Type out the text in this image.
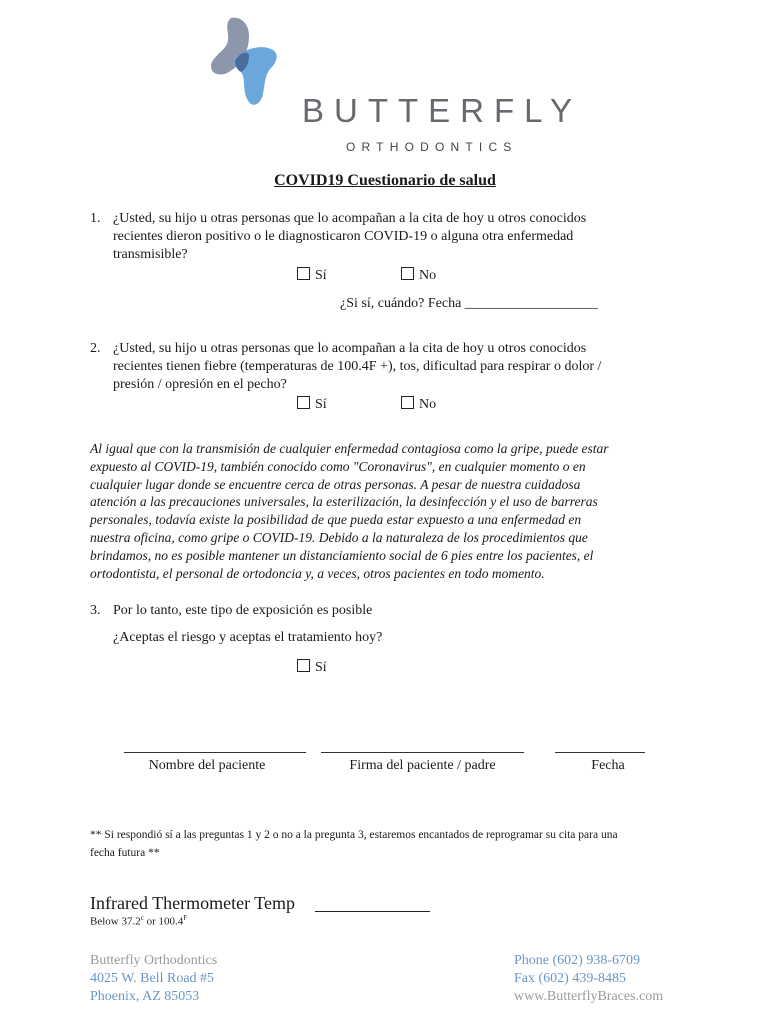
BUTTERFLY
ORTHODONTICS
COVID19 Cuestionario de salud
1. ¿Usted, su hijo u otras personas que lo acompañan a la cita de hoy u otros conocidos
recientes dieron positivo o le diagnosticaron COVID-19 o alguna otra enfermedad
transmisible?
Sí	No
¿Si sí, cuándo? Fecha ___________________
2. ¿Usted, su hijo u otras personas que lo acompañan a la cita de hoy u otros conocidos
recientes tienen fiebre (temperaturas de 100.4F +), tos, dificultad para respirar o dolor /
presión / opresión en el pecho?
Sí	No
Al igual que con la transmisión de cualquier enfermedad contagiosa como la gripe, puede estar
expuesto al COVID-19, también conocido como "Coronavirus", en cualquier momento o en
cualquier lugar donde se encuentre cerca de otras personas. A pesar de nuestra cuidadosa
atención a las precauciones universales, la esterilización, la desinfección y el uso de barreras
personales, todavía existe la posibilidad de que pueda estar expuesto a una enfermedad en
nuestra oficina, como gripe o COVID-19. Debido a la naturaleza de los procedimientos que
brindamos, no es posible mantener un distanciamiento social de 6 pies entre los pacientes, el
ortodontista, el personal de ortodoncia y, a veces, otros pacientes en todo momento.
3. Por lo tanto, este tipo de exposición es posible
¿Aceptas el riesgo y aceptas el tratamiento hoy?
Sí
Nombre del paciente	Firma del paciente / padre	Fecha
** Si respondió sí a las preguntas 1 y 2 o no a la pregunta 3, estaremos encantados de reprogramar su cita para una
fecha futura **
Infrared Thermometer Temp
Below 37.2$^c$ or $100.4^F$
Butterfly Orthodontics
4025 W. Bell Road #5
Phoenix, AZ 85053
Phone (602) 938-6709
Fax (602) 439-8485
www.ButterflyBraces.com
